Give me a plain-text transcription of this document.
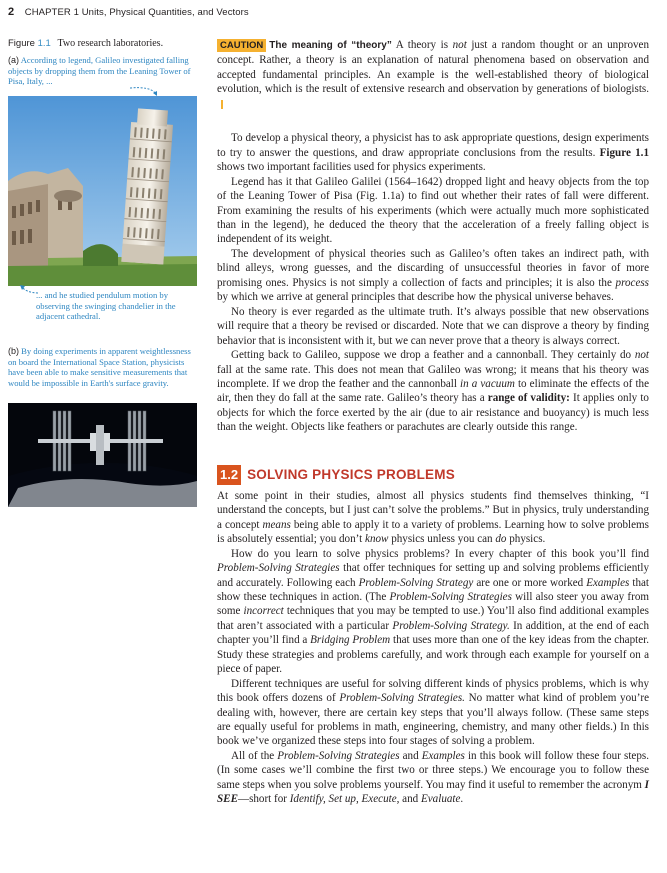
2 CHAPTER 1 Units, Physical Quantities, and Vectors
Figure 1.1 Two research laboratories.
(a) According to legend, Galileo investigated falling objects by dropping them from the Leaning Tower of Pisa, Italy, ...
... and he studied pendulum motion by observing the swinging chandelier in the adjacent cathedral.
(b) By doing experiments in apparent weightlessness on board the International Space Station, physicists have been able to make sensitive measurements that would be impossible in Earth's surface gravity.
CAUTION The meaning of “theory” A theory is not just a random thought or an unproven concept. Rather, a theory is an explanation of natural phenomena based on observation and accepted fundamental principles. An example is the well-established theory of biological evolution, which is the result of extensive research and observation by generations of biologists.

To develop a physical theory, a physicist has to ask appropriate questions, design experiments to try to answer the questions, and draw appropriate conclusions from the results. Figure 1.1 shows two important facilities used for physics experiments.

Legend has it that Galileo Galilei (1564–1642) dropped light and heavy objects from the top of the Leaning Tower of Pisa (Fig. 1.1a) to find out whether their rates of fall were different. From examining the results of his experiments (which were actually much more sophisticated than in the legend), he deduced the theory that the acceleration of a freely falling object is independent of its weight.

The development of physical theories such as Galileo’s often takes an indirect path, with blind alleys, wrong guesses, and the discarding of unsuccessful theories in favor of more promising ones. Physics is not simply a collection of facts and principles; it is also the process by which we arrive at general principles that describe how the physical universe behaves.

No theory is ever regarded as the ultimate truth. It’s always possible that new observations will require that a theory be revised or discarded. Note that we can disprove a theory by finding behavior that is inconsistent with it, but we can never prove that a theory is always correct.

Getting back to Galileo, suppose we drop a feather and a cannonball. They certainly do not fall at the same rate. This does not mean that Galileo was wrong; it means that his theory was incomplete. If we drop the feather and the cannonball in a vacuum to eliminate the effects of the air, then they do fall at the same rate. Galileo’s theory has a range of validity: It applies only to objects for which the force exerted by the air (due to air resistance and buoyancy) is much less than the weight. Objects like feathers or parachutes are clearly outside this range.

1.2 SOLVING PHYSICS PROBLEMS

At some point in their studies, almost all physics students find themselves thinking, “I understand the concepts, but I just can’t solve the problems.” But in physics, truly understanding a concept means being able to apply it to a variety of problems. Learning how to solve problems is absolutely essential; you don’t know physics unless you can do physics.

How do you learn to solve physics problems? In every chapter of this book you’ll find Problem-Solving Strategies that offer techniques for setting up and solving problems efficiently and accurately. Following each Problem-Solving Strategy are one or more worked Examples that show these techniques in action. (The Problem-Solving Strategies will also steer you away from some incorrect techniques that you may be tempted to use.) You’ll also find additional examples that aren’t associated with a particular Problem-Solving Strategy. In addition, at the end of each chapter you’ll find a Bridging Problem that uses more than one of the key ideas from the chapter. Study these strategies and problems carefully, and work through each example for yourself on a piece of paper.

Different techniques are useful for solving different kinds of physics problems, which is why this book offers dozens of Problem-Solving Strategies. No matter what kind of problem you’re dealing with, however, there are certain key steps that you’ll always follow. (These same steps are equally useful for problems in math, engineering, chemistry, and many other fields.) In this book we’ve organized these steps into four stages of solving a problem.

All of the Problem-Solving Strategies and Examples in this book will follow these four steps. (In some cases we’ll combine the first two or three steps.) We encourage you to follow these same steps when you solve problems yourself. You may find it useful to remember the acronym I SEE—short for Identify, Set up, Execute, and Evaluate.
